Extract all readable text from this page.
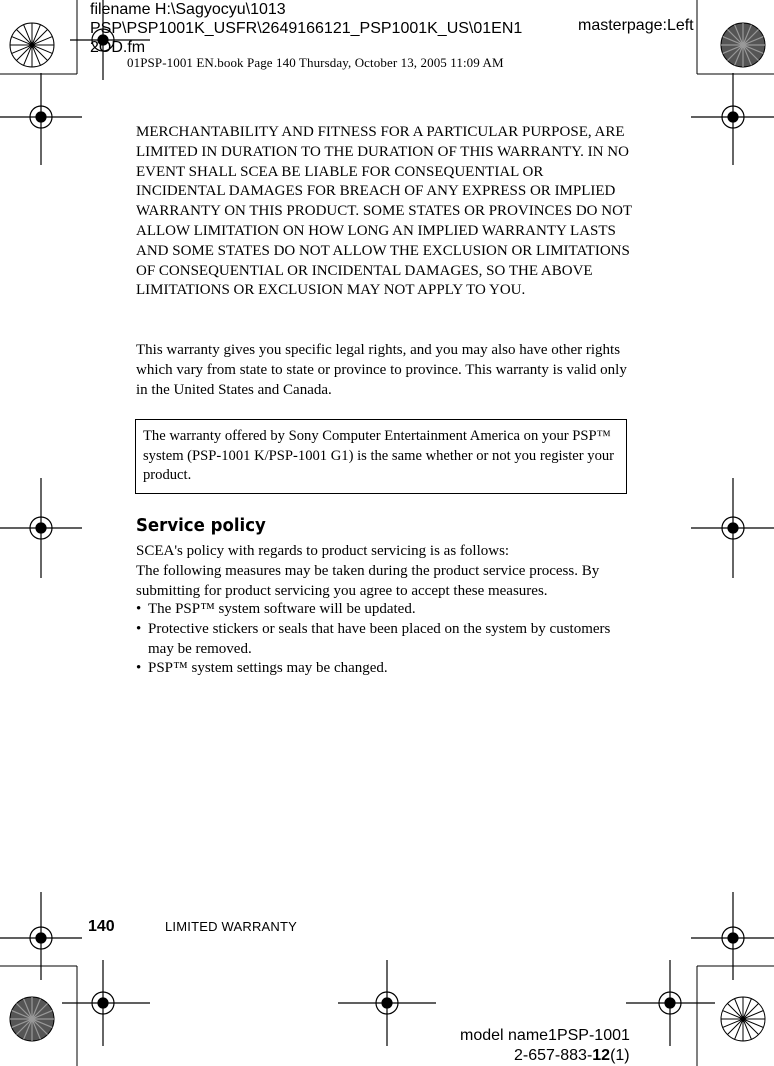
filename H:\Sagyocyu\1013 PSP\PSP1001K_USFR\2649166121_PSP1001K_US\01EN1 2OD.fm
masterpage:Left
01PSP-1001 EN.book Page 140 Thursday, October 13, 2005 11:09 AM
MERCHANTABILITY AND FITNESS FOR A PARTICULAR PURPOSE, ARE LIMITED IN DURATION TO THE DURATION OF THIS WARRANTY. IN NO EVENT SHALL SCEA BE LIABLE FOR CONSEQUENTIAL OR INCIDENTAL DAMAGES FOR BREACH OF ANY EXPRESS OR IMPLIED WARRANTY ON THIS PRODUCT. SOME STATES OR PROVINCES DO NOT ALLOW LIMITATION ON HOW LONG AN IMPLIED WARRANTY LASTS AND SOME STATES DO NOT ALLOW THE EXCLUSION OR LIMITATIONS OF CONSEQUENTIAL OR INCIDENTAL DAMAGES, SO THE ABOVE LIMITATIONS OR EXCLUSION MAY NOT APPLY TO YOU.
This warranty gives you specific legal rights, and you may also have other rights which vary from state to state or province to province. This warranty is valid only in the United States and Canada.
The warranty offered by Sony Computer Entertainment America on your PSP™ system (PSP-1001 K/PSP-1001 G1) is the same whether or not you register your product.
Service policy
SCEA's policy with regards to product servicing is as follows:
The following measures may be taken during the product service process. By submitting for product servicing you agree to accept these measures.
• The PSP™ system software will be updated.
• Protective stickers or seals that have been placed on the system by customers may be removed.
• PSP™ system settings may be changed.
140	LIMITED WARRANTY
model name1PSP-1001
2-657-883-12(1)
